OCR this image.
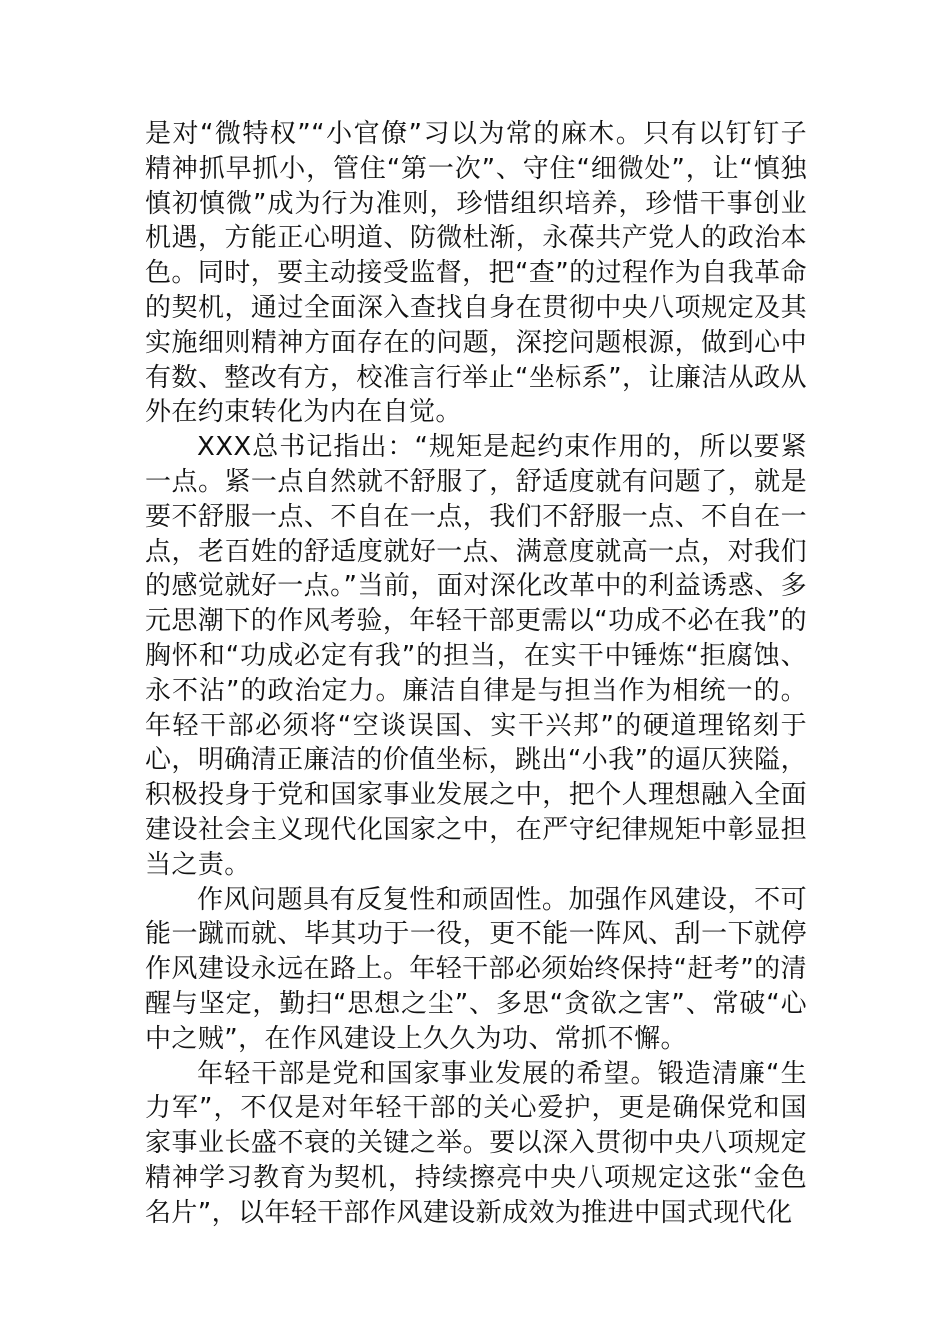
是对“微特权”“小官僚”习以为常的麻木。只有以钉钉子精神抓早抓小，管住“第一次”、守住“细微处”，让“慎独慎初慎微”成为行为准则，珍惜组织培养，珍惜干事创业机遇，方能正心明道、防微杜渐，永葆共产党人的政治本色。同时，要主动接受监督，把“查”的过程作为自我革命的契机，通过全面深入查找自身在贯彻中央八项规定及其实施细则精神方面存在的问题，深挖问题根源，做到心中有数、整改有方，校准言行举止“坐标系”，让廉洁从政从外在约束转化为内在自觉。

XXX总书记指出：“规矩是起约束作用的，所以要紧一点。紧一点自然就不舒服了，舒适度就有问题了，就是要不舒服一点、不自在一点，我们不舒服一点、不自在一点，老百姓的舒适度就好一点、满意度就高一点，对我们的感觉就好一点。”当前，面对深化改革中的利益诱惑、多元思潮下的作风考验，年轻干部更需以“功成不必在我”的胸怀和“功成必定有我”的担当，在实干中锤炼“拒腐蚀、永不沾”的政治定力。廉洁自律是与担当作为相统一的。年轻干部必须将“空谈误国、实干兴邦”的硬道理铭刻于心，明确清正廉洁的价值坐标，跳出“小我”的逼仄狭隘，积极投身于党和国家事业发展之中，把个人理想融入全面建设社会主义现代化国家之中，在严守纪律规矩中彰显担当之责。

作风问题具有反复性和顽固性。加强作风建设，不可能一蹴而就、毕其功于一役，更不能一阵风、刮一下就停作风建设永远在路上。年轻干部必须始终保持“赶考”的清醒与坚定，勤扫“思想之尘”、多思“贪欲之害”、常破“心中之贼”，在作风建设上久久为功、常抓不懈。

年轻干部是党和国家事业发展的希望。锻造清廉“生力军”，不仅是对年轻干部的关心爱护，更是确保党和国家事业长盛不衰的关键之举。要以深入贯彻中央八项规定精神学习教育为契机，持续擦亮中央八项规定这张“金色名片”，以年轻干部作风建设新成效为推进中国式现代化
